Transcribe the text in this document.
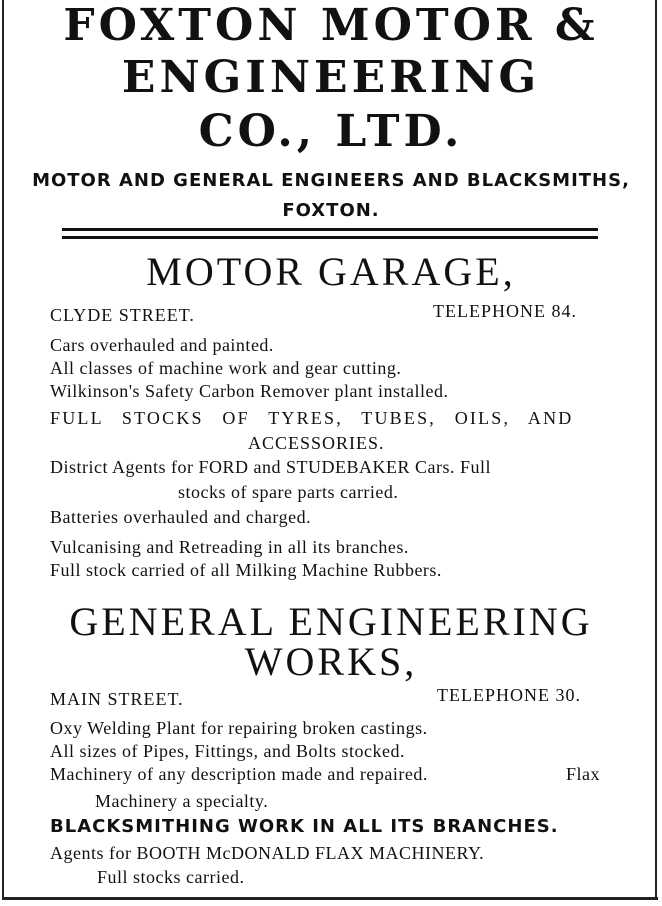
FOXTON MOTOR &
ENGINEERING
CO., LTD.
MOTOR AND GENERAL ENGINEERS AND BLACKSMITHS,
FOXTON.
MOTOR GARAGE,
CLYDE STREET.	TELEPHONE 84.
Cars overhauled and painted.
All classes of machine work and gear cutting.
Wilkinson's Safety Carbon Remover plant installed.
FULL STOCKS OF TYRES, TUBES, OILS, AND
ACCESSORIES.
District Agents for FORD and STUDEBAKER Cars. Full
stocks of spare parts carried.
Batteries overhauled and charged.
Vulcanising and Retreading in all its branches.
Full stock carried of all Milking Machine Rubbers.
GENERAL ENGINEERING
WORKS,
MAIN STREET.	TELEPHONE 30.
Oxy Welding Plant for repairing broken castings.
All sizes of Pipes, Fittings, and Bolts stocked.
Machinery of any description made and repaired.	Flax
Machinery a specialty.
BLACKSMITHING WORK IN ALL ITS BRANCHES.
Agents for BOOTH McDONALD FLAX MACHINERY.
Full stocks carried.
